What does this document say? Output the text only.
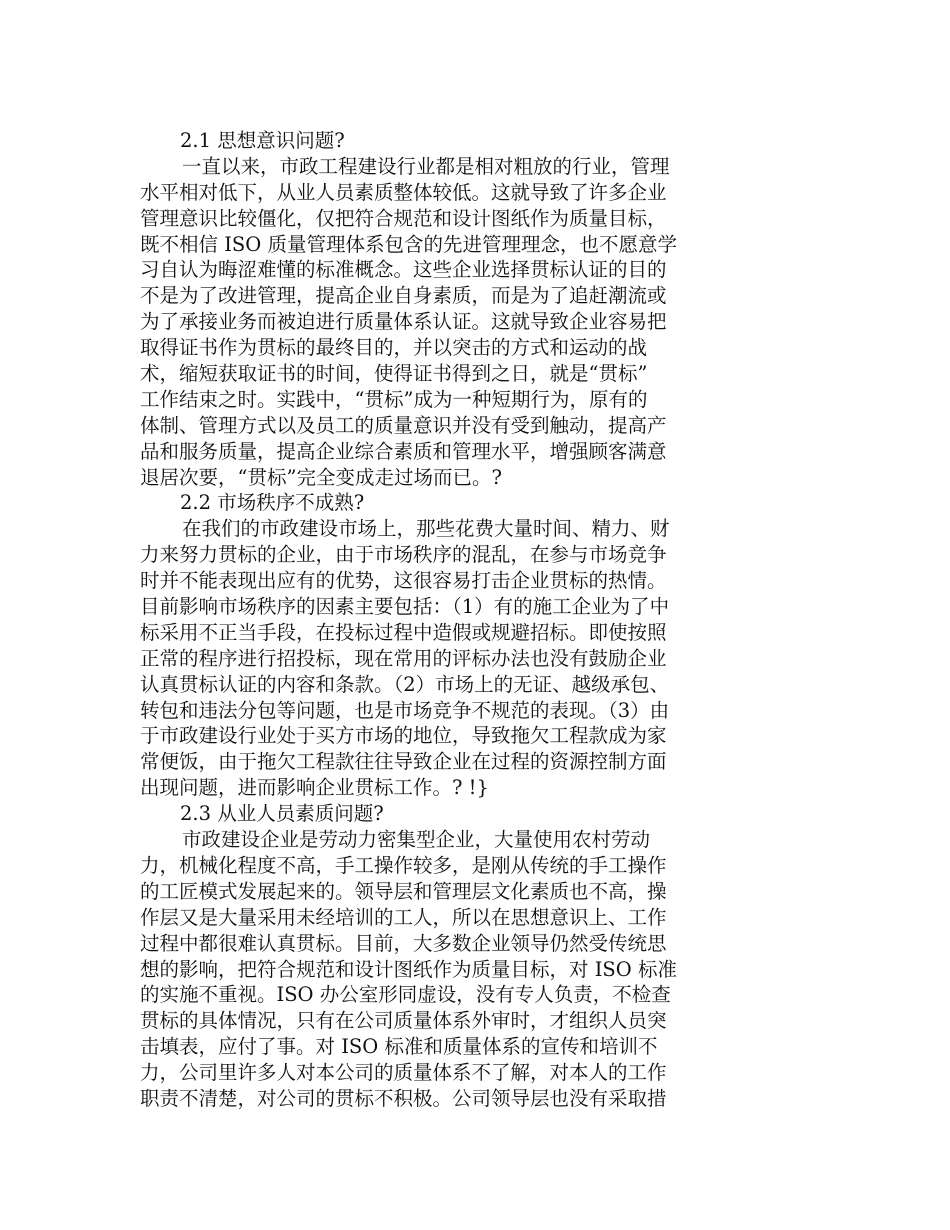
2.1 思想意识问题?
一直以来，市政工程建设行业都是相对粗放的行业，管理
水平相对低下，从业人员素质整体较低。这就导致了许多企业
管理意识比较僵化，仅把符合规范和设计图纸作为质量目标，
既不相信 ISO 质量管理体系包含的先进管理理念，也不愿意学
习自认为晦涩难懂的标准概念。这些企业选择贯标认证的目的
不是为了改进管理，提高企业自身素质，而是为了追赶潮流或
为了承接业务而被迫进行质量体系认证。这就导致企业容易把
取得证书作为贯标的最终目的，并以突击的方式和运动的战
术，缩短获取证书的时间，使得证书得到之日，就是“贯标”
工作结束之时。实践中，“贯标”成为一种短期行为，原有的
体制、管理方式以及员工的质量意识并没有受到触动，提高产
品和服务质量，提高企业综合素质和管理水平，增强顾客满意
退居次要，“贯标”完全变成走过场而已。?
2.2 市场秩序不成熟?
在我们的市政建设市场上，那些花费大量时间、精力、财
力来努力贯标的企业，由于市场秩序的混乱，在参与市场竞争
时并不能表现出应有的优势，这很容易打击企业贯标的热情。
目前影响市场秩序的因素主要包括：（1）有的施工企业为了中
标采用不正当手段，在投标过程中造假或规避招标。即使按照
正常的程序进行招投标，现在常用的评标办法也没有鼓励企业
认真贯标认证的内容和条款。（2）市场上的无证、越级承包、
转包和违法分包等问题，也是市场竞争不规范的表现。（3）由
于市政建设行业处于买方市场的地位，导致拖欠工程款成为家
常便饭，由于拖欠工程款往往导致企业在过程的资源控制方面
出现问题，进而影响企业贯标工作。? !}
2.3 从业人员素质问题?
市政建设企业是劳动力密集型企业，大量使用农村劳动
力，机械化程度不高，手工操作较多，是刚从传统的手工操作
的工匠模式发展起来的。领导层和管理层文化素质也不高，操
作层又是大量采用未经培训的工人，所以在思想意识上、工作
过程中都很难认真贯标。目前，大多数企业领导仍然受传统思
想的影响，把符合规范和设计图纸作为质量目标，对 ISO 标准
的实施不重视。ISO 办公室形同虚设，没有专人负责，不检查
贯标的具体情况，只有在公司质量体系外审时，才组织人员突
击填表，应付了事。对 ISO 标准和质量体系的宣传和培训不
力，公司里许多人对本公司的质量体系不了解，对本人的工作
职责不清楚，对公司的贯标不积极。公司领导层也没有采取措
